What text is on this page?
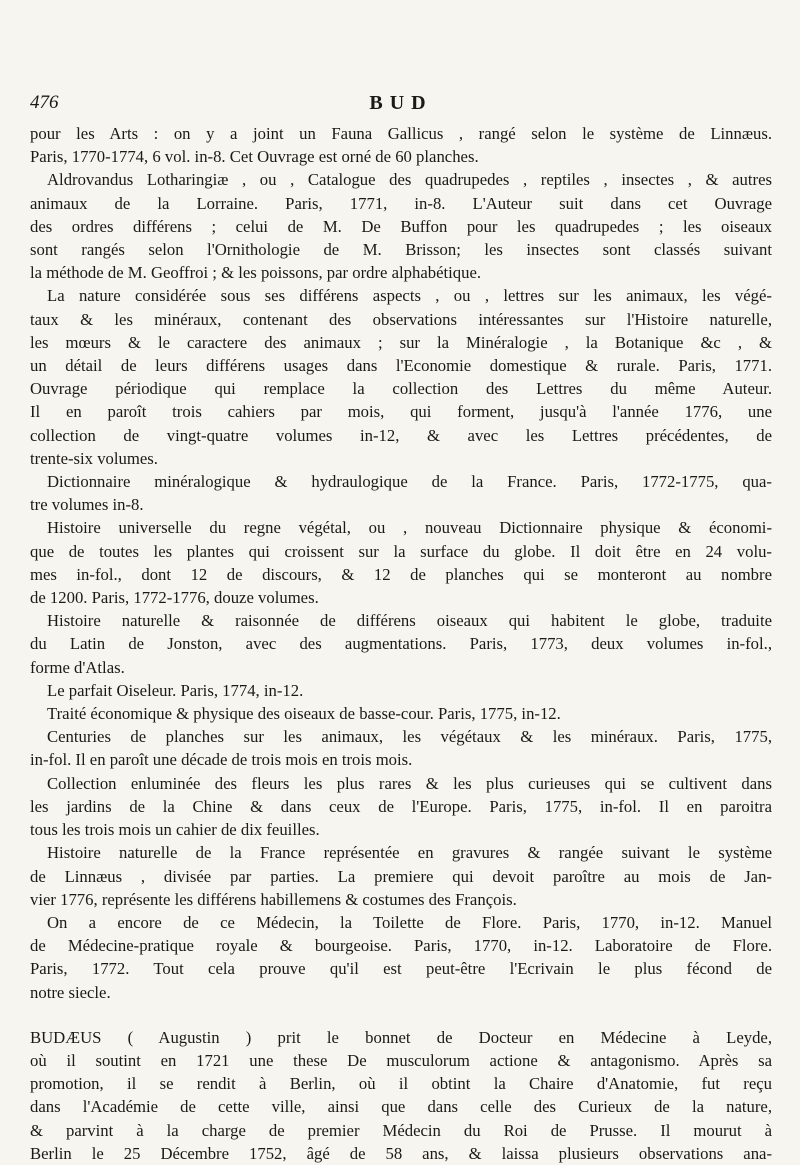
476	BUD
pour les Arts : on y a joint un Fauna Gallicus , rangé selon le système de Linnæus.
Paris, 1770-1774, 6 vol. in-8. Cet Ouvrage est orné de 60 planches.
Aldrovandus Lotharingiæ , ou , Catalogue des quadrupedes , reptiles , insectes , & autres
animaux de la Lorraine. Paris, 1771, in-8. L'Auteur suit dans cet Ouvrage
des ordres différens ; celui de M. De Buffon pour les quadrupedes ; les oiseaux
sont rangés selon l'Ornithologie de M. Brisson; les insectes sont classés suivant
la méthode de M. Geoffroi ; & les poissons, par ordre alphabétique.
La nature considérée sous ses différens aspects , ou , lettres sur les animaux, les végé-
taux & les minéraux, contenant des observations intéressantes sur l'Histoire naturelle,
les mœurs & le caractere des animaux ; sur la Minéralogie , la Botanique &c , &
un détail de leurs différens usages dans l'Economie domestique & rurale. Paris, 1771.
Ouvrage périodique qui remplace la collection des Lettres du même Auteur.
Il en paroît trois cahiers par mois, qui forment, jusqu'à l'année 1776, une
collection de vingt-quatre volumes in-12, & avec les Lettres précédentes, de
trente-six volumes.
Dictionnaire minéralogique & hydraulogique de la France. Paris, 1772-1775, qua-
tre volumes in-8.
Histoire universelle du regne végétal, ou , nouveau Dictionnaire physique & économi-
que de toutes les plantes qui croissent sur la surface du globe. Il doit être en 24 volu-
mes in-fol., dont 12 de discours, & 12 de planches qui se monteront au nombre
de 1200. Paris, 1772-1776, douze volumes.
Histoire naturelle & raisonnée de différens oiseaux qui habitent le globe, traduite
du Latin de Jonston, avec des augmentations. Paris, 1773, deux volumes in-fol.,
forme d'Atlas.
Le parfait Oiseleur. Paris, 1774, in-12.
Traité économique & physique des oiseaux de basse-cour. Paris, 1775, in-12.
Centuries de planches sur les animaux, les végétaux & les minéraux. Paris, 1775,
in-fol. Il en paroît une décade de trois mois en trois mois.
Collection enluminée des fleurs les plus rares & les plus curieuses qui se cultivent dans
les jardins de la Chine & dans ceux de l'Europe. Paris, 1775, in-fol. Il en paroitra
tous les trois mois un cahier de dix feuilles.
Histoire naturelle de la France représentée en gravures & rangée suivant le système
de Linnæus , divisée par parties. La premiere qui devoit paroître au mois de Jan-
vier 1776, représente les différens habillemens & costumes des François.
On a encore de ce Médecin, la Toilette de Flore. Paris, 1770, in-12. Manuel
de Médecine-pratique royale & bourgeoise. Paris, 1770, in-12. Laboratoire de Flore.
Paris, 1772. Tout cela prouve qu'il est peut-être l'Ecrivain le plus fécond de
notre siecle.
BUDÆUS ( Augustin ) prit le bonnet de Docteur en Médecine à Leyde,
où il soutint en 1721 une these De musculorum actione & antagonismo. Après sa
promotion, il se rendit à Berlin, où il obtint la Chaire d'Anatomie, fut reçu
dans l'Académie de cette ville, ainsi que dans celle des Curieux de la nature,
& parvint à la charge de premier Médecin du Roi de Prusse. Il mourut à
Berlin le 25 Décembre 1752, âgé de 58 ans, & laissa plusieurs observations ana-
